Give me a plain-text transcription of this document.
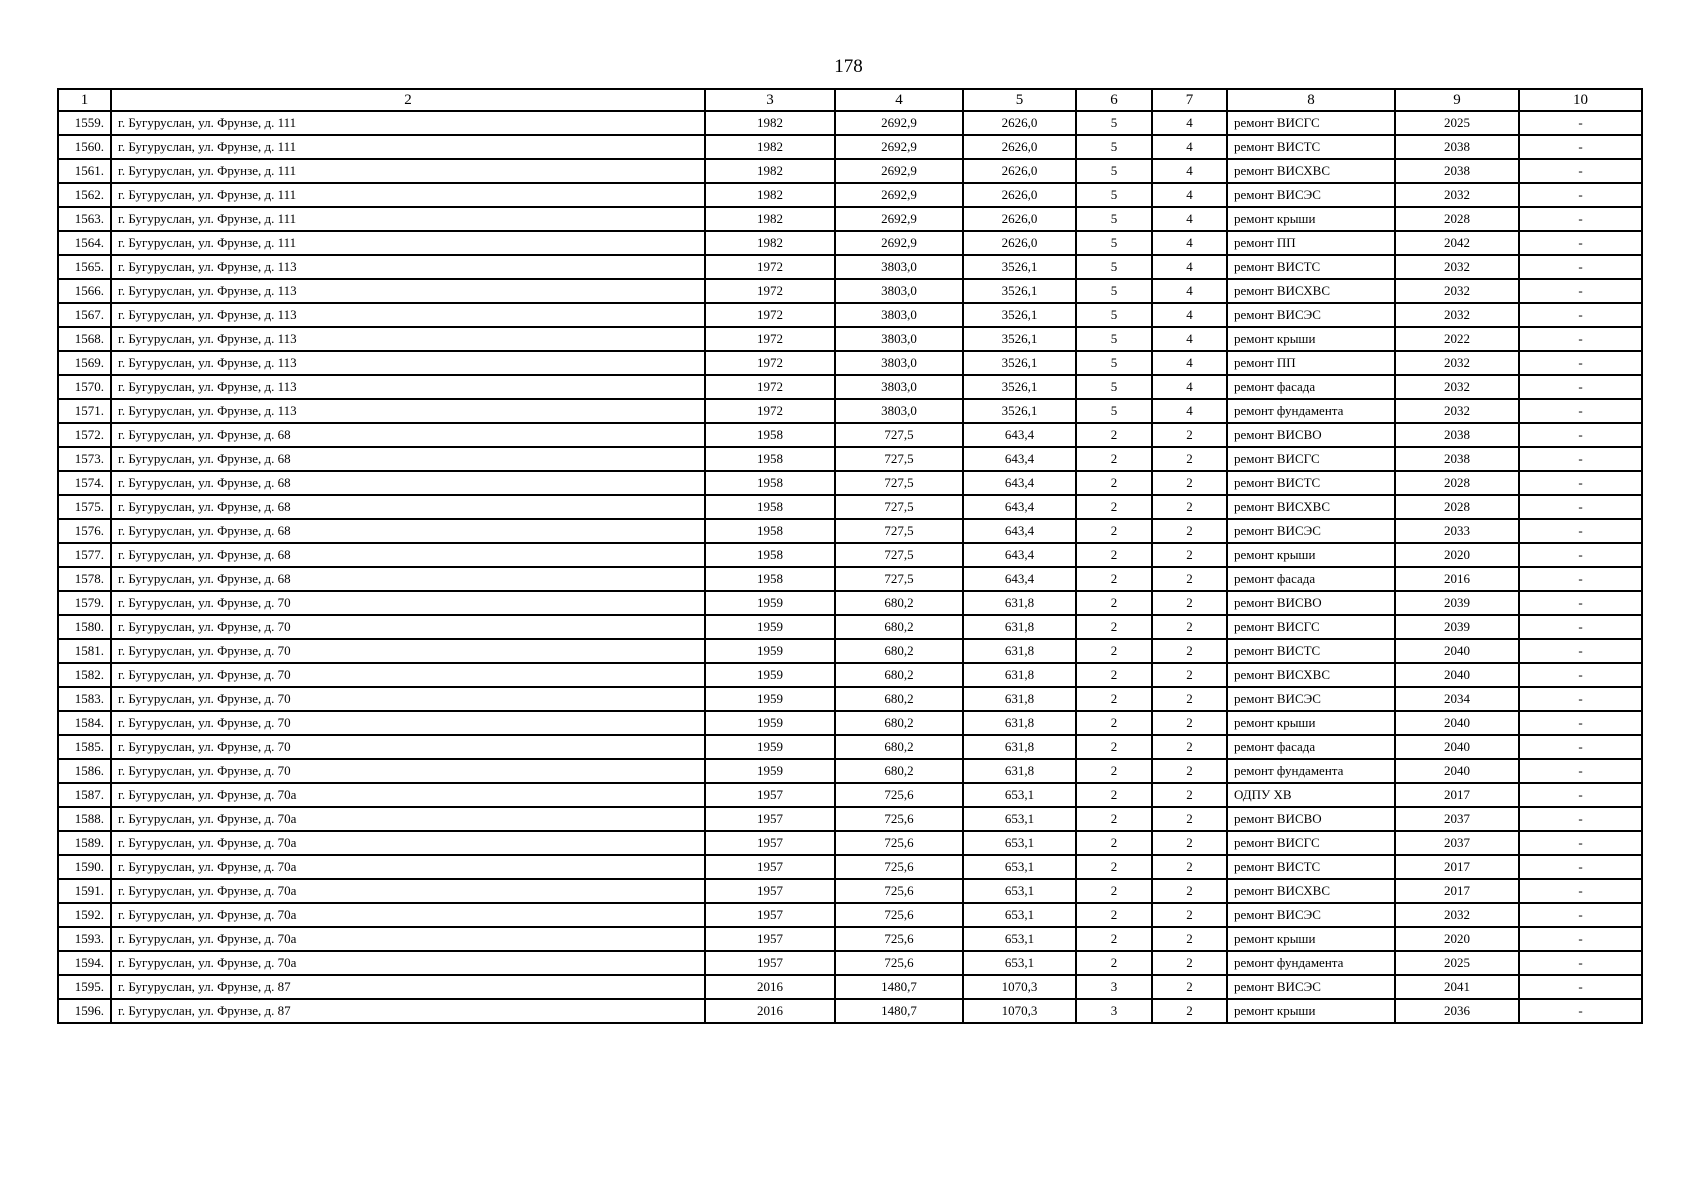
178
1	2	3	4	5	6	7	8	9	10
1559.	г. Бугуруслан, ул. Фрунзе, д. 111	1982	2692,9	2626,0	5	4	ремонт ВИСГС	2025	-
1560.	г. Бугуруслан, ул. Фрунзе, д. 111	1982	2692,9	2626,0	5	4	ремонт ВИСТС	2038	-
1561.	г. Бугуруслан, ул. Фрунзе, д. 111	1982	2692,9	2626,0	5	4	ремонт ВИСХВС	2038	-
1562.	г. Бугуруслан, ул. Фрунзе, д. 111	1982	2692,9	2626,0	5	4	ремонт ВИСЭС	2032	-
1563.	г. Бугуруслан, ул. Фрунзе, д. 111	1982	2692,9	2626,0	5	4	ремонт крыши	2028	-
1564.	г. Бугуруслан, ул. Фрунзе, д. 111	1982	2692,9	2626,0	5	4	ремонт ПП	2042	-
1565.	г. Бугуруслан, ул. Фрунзе, д. 113	1972	3803,0	3526,1	5	4	ремонт ВИСТС	2032	-
1566.	г. Бугуруслан, ул. Фрунзе, д. 113	1972	3803,0	3526,1	5	4	ремонт ВИСХВС	2032	-
1567.	г. Бугуруслан, ул. Фрунзе, д. 113	1972	3803,0	3526,1	5	4	ремонт ВИСЭС	2032	-
1568.	г. Бугуруслан, ул. Фрунзе, д. 113	1972	3803,0	3526,1	5	4	ремонт крыши	2022	-
1569.	г. Бугуруслан, ул. Фрунзе, д. 113	1972	3803,0	3526,1	5	4	ремонт ПП	2032	-
1570.	г. Бугуруслан, ул. Фрунзе, д. 113	1972	3803,0	3526,1	5	4	ремонт фасада	2032	-
1571.	г. Бугуруслан, ул. Фрунзе, д. 113	1972	3803,0	3526,1	5	4	ремонт фундамента	2032	-
1572.	г. Бугуруслан, ул. Фрунзе, д. 68	1958	727,5	643,4	2	2	ремонт ВИСВО	2038	-
1573.	г. Бугуруслан, ул. Фрунзе, д. 68	1958	727,5	643,4	2	2	ремонт ВИСГС	2038	-
1574.	г. Бугуруслан, ул. Фрунзе, д. 68	1958	727,5	643,4	2	2	ремонт ВИСТС	2028	-
1575.	г. Бугуруслан, ул. Фрунзе, д. 68	1958	727,5	643,4	2	2	ремонт ВИСХВС	2028	-
1576.	г. Бугуруслан, ул. Фрунзе, д. 68	1958	727,5	643,4	2	2	ремонт ВИСЭС	2033	-
1577.	г. Бугуруслан, ул. Фрунзе, д. 68	1958	727,5	643,4	2	2	ремонт крыши	2020	-
1578.	г. Бугуруслан, ул. Фрунзе, д. 68	1958	727,5	643,4	2	2	ремонт фасада	2016	-
1579.	г. Бугуруслан, ул. Фрунзе, д. 70	1959	680,2	631,8	2	2	ремонт ВИСВО	2039	-
1580.	г. Бугуруслан, ул. Фрунзе, д. 70	1959	680,2	631,8	2	2	ремонт ВИСГС	2039	-
1581.	г. Бугуруслан, ул. Фрунзе, д. 70	1959	680,2	631,8	2	2	ремонт ВИСТС	2040	-
1582.	г. Бугуруслан, ул. Фрунзе, д. 70	1959	680,2	631,8	2	2	ремонт ВИСХВС	2040	-
1583.	г. Бугуруслан, ул. Фрунзе, д. 70	1959	680,2	631,8	2	2	ремонт ВИСЭС	2034	-
1584.	г. Бугуруслан, ул. Фрунзе, д. 70	1959	680,2	631,8	2	2	ремонт крыши	2040	-
1585.	г. Бугуруслан, ул. Фрунзе, д. 70	1959	680,2	631,8	2	2	ремонт фасада	2040	-
1586.	г. Бугуруслан, ул. Фрунзе, д. 70	1959	680,2	631,8	2	2	ремонт фундамента	2040	-
1587.	г. Бугуруслан, ул. Фрунзе, д. 70а	1957	725,6	653,1	2	2	ОДПУ ХВ	2017	-
1588.	г. Бугуруслан, ул. Фрунзе, д. 70а	1957	725,6	653,1	2	2	ремонт ВИСВО	2037	-
1589.	г. Бугуруслан, ул. Фрунзе, д. 70а	1957	725,6	653,1	2	2	ремонт ВИСГС	2037	-
1590.	г. Бугуруслан, ул. Фрунзе, д. 70а	1957	725,6	653,1	2	2	ремонт ВИСТС	2017	-
1591.	г. Бугуруслан, ул. Фрунзе, д. 70а	1957	725,6	653,1	2	2	ремонт ВИСХВС	2017	-
1592.	г. Бугуруслан, ул. Фрунзе, д. 70а	1957	725,6	653,1	2	2	ремонт ВИСЭС	2032	-
1593.	г. Бугуруслан, ул. Фрунзе, д. 70а	1957	725,6	653,1	2	2	ремонт крыши	2020	-
1594.	г. Бугуруслан, ул. Фрунзе, д. 70а	1957	725,6	653,1	2	2	ремонт фундамента	2025	-
1595.	г. Бугуруслан, ул. Фрунзе, д. 87	2016	1480,7	1070,3	3	2	ремонт ВИСЭС	2041	-
1596.	г. Бугуруслан, ул. Фрунзе, д. 87	2016	1480,7	1070,3	3	2	ремонт крыши	2036	-
